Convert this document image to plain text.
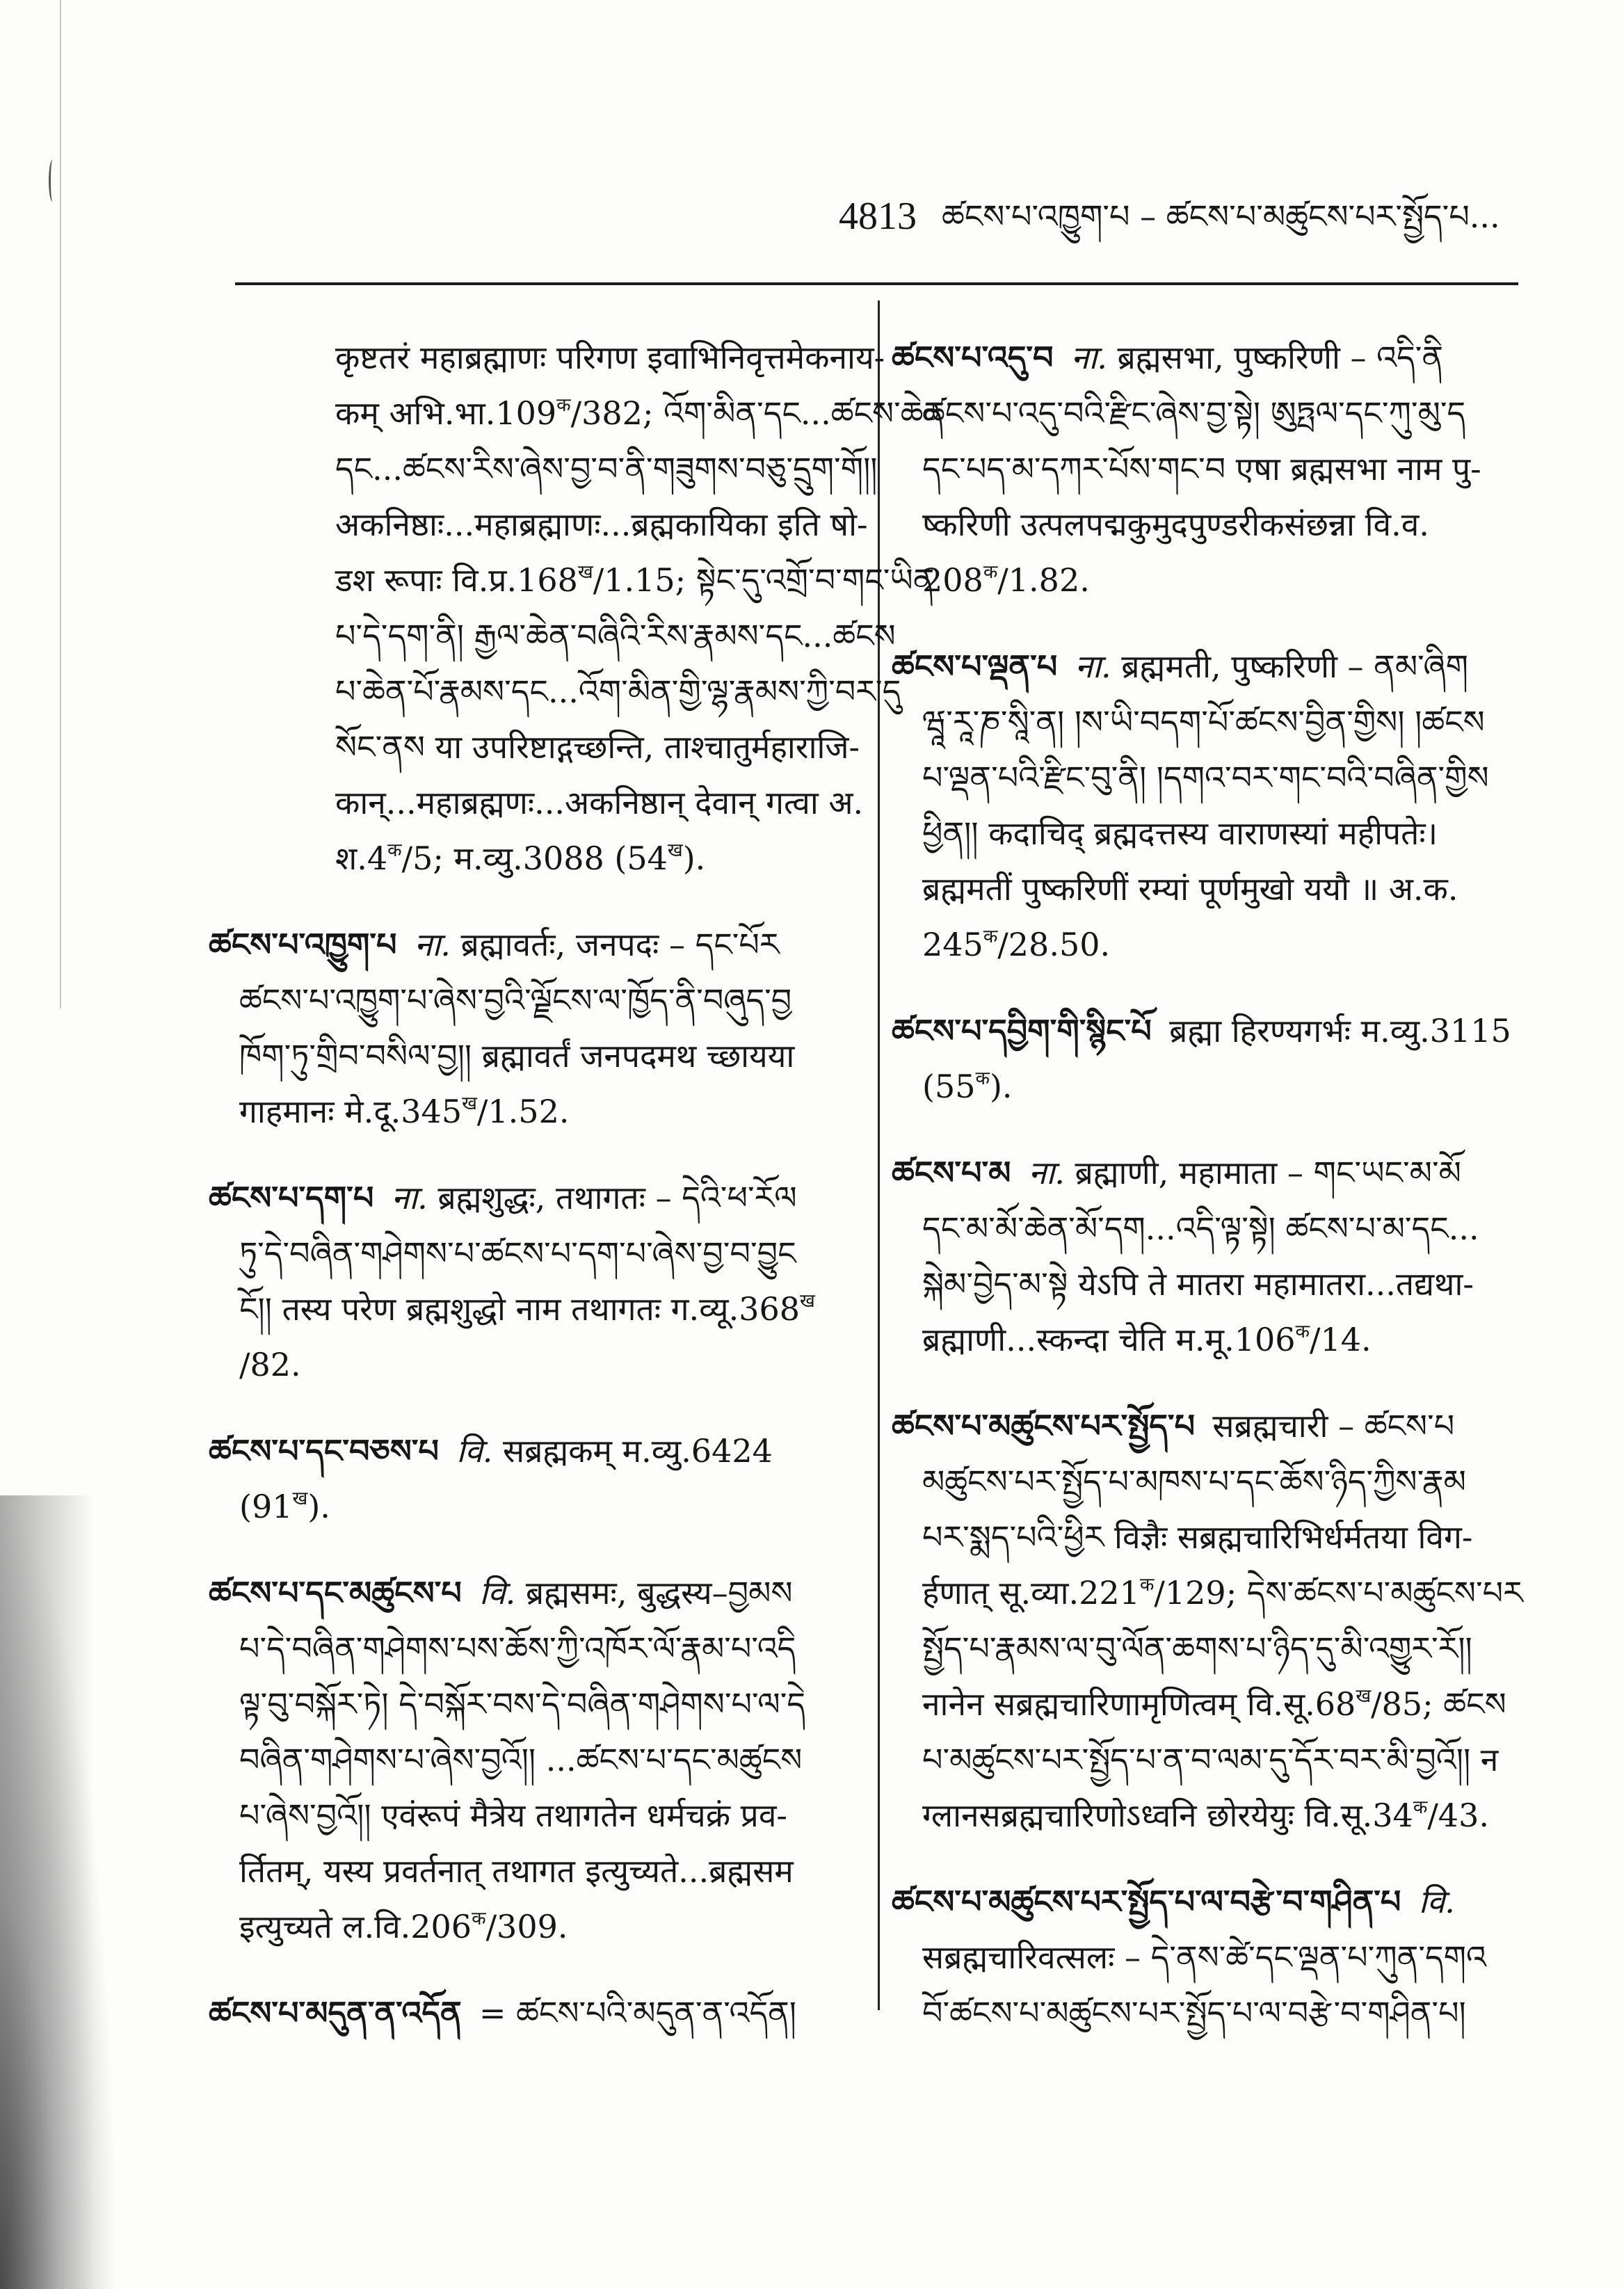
4813 ཚངས་པ་འཁྱུག་པ – ཚངས་པ་མཚུངས་པར་སྤྱོད་པ...
कृष्टतरं महाब्रह्माणः परिगण इवाभिनिवृत्तमेकनाय-
कम् $अभि.भा.109^क/382$; འོག་མིན་དང...ཚངས་ཆེན
དང...ཚངས་རིས་ཞེས་བྱ་བ་ནི་གཟུགས་བཅུ་དྲུག་གོ།།
अकनिष्ठाः...महाब्रह्माणः...ब्रह्मकायिका इति षो-
डश रूपाः $वि.प्र.168^ख/1.15$; སྟེང་དུ་འགྲོ་བ་གང་ཡིན
པ་དེ་དག་ནི། རྒྱལ་ཆེན་བཞིའི་རིས་རྣམས་དང...ཚངས
པ་ཆེན་པོ་རྣམས་དང...འོག་མིན་གྱི་ལྷ་རྣམས་ཀྱི་བར་དུ
སོང་ནས या उपरिष्टाद्गच्छन्ति, ताश्चातुर्महाराजि-
कान्...महाब्रह्मणः...अकनिष्ठान् देवान् गत्वा अ.
$श.4^क/5$; म.व्यु.3088 $(54^ख)$.
ཚངས་པ་འཁྱུག་པ ना. ब्रह्मावर्तः, जनपदः – དང་པོར
ཚངས་པ་འཁྱུག་པ་ཞེས་བྱའི་ལྗོངས་ལ་ཁྱོད་ནི་བཞུད་བྱ
ཁོག་ཏུ་གྲིབ་བསིལ་བྱ།། ब्रह्मावर्तं जनपदमथ च्छायया
गाहमानः $मे.दू.345^ख/1.52$.
ཚངས་པ་དག་པ ना. ब्रह्मशुद्धः, तथागतः – དེའི་ཕ་རོལ
ཏུ་དེ་བཞིན་གཤེགས་པ་ཚངས་པ་དག་པ་ཞེས་བྱ་བ་བྱུང
ངོ།། तस्य परेण ब्रह्मशुद्धो नाम तथागतः $ग.व्यू.368^ख$
/82.
ཚངས་པ་དང་བཅས་པ वि. सब्रह्मकम् म.व्यु.6424
$(91^ख)$.
ཚངས་པ་དང་མཚུངས་པ वि. ब्रह्मसमः, बुद्धस्य–བྱམས
པ་དེ་བཞིན་གཤེགས་པས་ཆོས་ཀྱི་འཁོར་ལོ་རྣམ་པ་འདི
ལྟ་བུ་བསྐོར་ཏེ། དེ་བསྐོར་བས་དེ་བཞིན་གཤེགས་པ་ལ་དེ
བཞིན་གཤེགས་པ་ཞེས་བྱའོ།། ...ཚངས་པ་དང་མཚུངས
པ་ཞེས་བྱའོ།། एवंरूपं मैत्रेय तथागतेन धर्मचक्रं प्रव-
र्तितम्, यस्य प्रवर्तनात् तथागत इत्युच्यते...ब्रह्मसम
इत्युच्यते $ल.वि.206^क/309$.
ཚངས་པ་མདུན་ན་འདོན = ཚངས་པའི་མདུན་ན་འདོན།
ཚངས་པ་འདུ་བ ना. ब्रह्मसभा, पुष्करिणी – འདི་ནི
ཚངས་པ་འདུ་བའི་རྫིང་ཞེས་བྱ་སྟེ། ཨུཏྤལ་དང་ཀུ་མུ་ད
དང་པད་མ་དཀར་པོས་གང་བ एषा ब्रह्मसभा नाम पु-
ष्करिणी उत्पलपद्मकुमुदपुण्डरीकसंछन्ना वि.व.
$208^क/1.82$.
ཚངས་པ་ལྡན་པ ना. ब्रह्ममती, पुष्करिणी – ནམ་ཞིག
ཝཱ་རཱ་ཎ་སཱི་ན། །ས་ཡི་བདག་པོ་ཚངས་བྱིན་གྱིས། །ཚངས
པ་ལྡན་པའི་རྫིང་བུ་ནི། །དགའ་བར་གང་བའི་བཞིན་གྱིས
ཕྱིན།། कदाचिद् ब्रह्मदत्तस्य वाराणस्यां महीपतेः।
ब्रह्ममतीं पुष्करिणीं रम्यां पूर्णमुखो ययौ ॥ अ.क.
$245^क/28.50$.
ཚངས་པ་དབྱིག་གི་སྙིང་པོ ब्रह्मा हिरण्यगर्भः म.व्यु.3115
$(55^क)$.
ཚངས་པ་མ ना. ब्रह्माणी, महामाता – གང་ཡང་མ་མོ
དང་མ་མོ་ཆེན་མོ་དག...འདི་ལྟ་སྟེ། ཚངས་པ་མ་དང...
སྐེམ་བྱེད་མ་སྟེ येऽपि ते मातरा महामातरा...तद्यथा-
ब्रह्माणी...स्कन्दा चेति $म.मू.106^क/14$.
ཚངས་པ་མཚུངས་པར་སྤྱོད་པ सब्रह्मचारी – ཚངས་པ
མཚུངས་པར་སྤྱོད་པ་མཁས་པ་དང་ཆོས་ཉིད་ཀྱིས་རྣམ
པར་སྨད་པའི་ཕྱིར विज्ञैः सब्रह्मचारिभिर्धर्मतया विग-
र्हणात् $सू.व्या.221^क/129$; དེས་ཚངས་པ་མཚུངས་པར
སྤྱོད་པ་རྣམས་ལ་བུ་ལོན་ཆགས་པ་ཉིད་དུ་མི་འགྱུར་རོ།།
नानेन सब्रह्मचारिणामृणित्वम् $वि.सू.68^ख/85$; ཚངས
པ་མཚུངས་པར་སྤྱོད་པ་ན་བ་ལམ་དུ་དོར་བར་མི་བྱའོ།། न
ग्लानसब्रह्मचारिणोऽध्वनि छोरयेयुः $वि.सू.34^क/43$.
ཚངས་པ་མཚུངས་པར་སྤྱོད་པ་ལ་བརྩེ་བ་གཤིན་པ वि.
सब्रह्मचारिवत्सलः – དེ་ནས་ཚེ་དང་ལྡན་པ་ཀུན་དགའ
བོ་ཚངས་པ་མཚུངས་པར་སྤྱོད་པ་ལ་བརྩེ་བ་གཤིན་པ།
